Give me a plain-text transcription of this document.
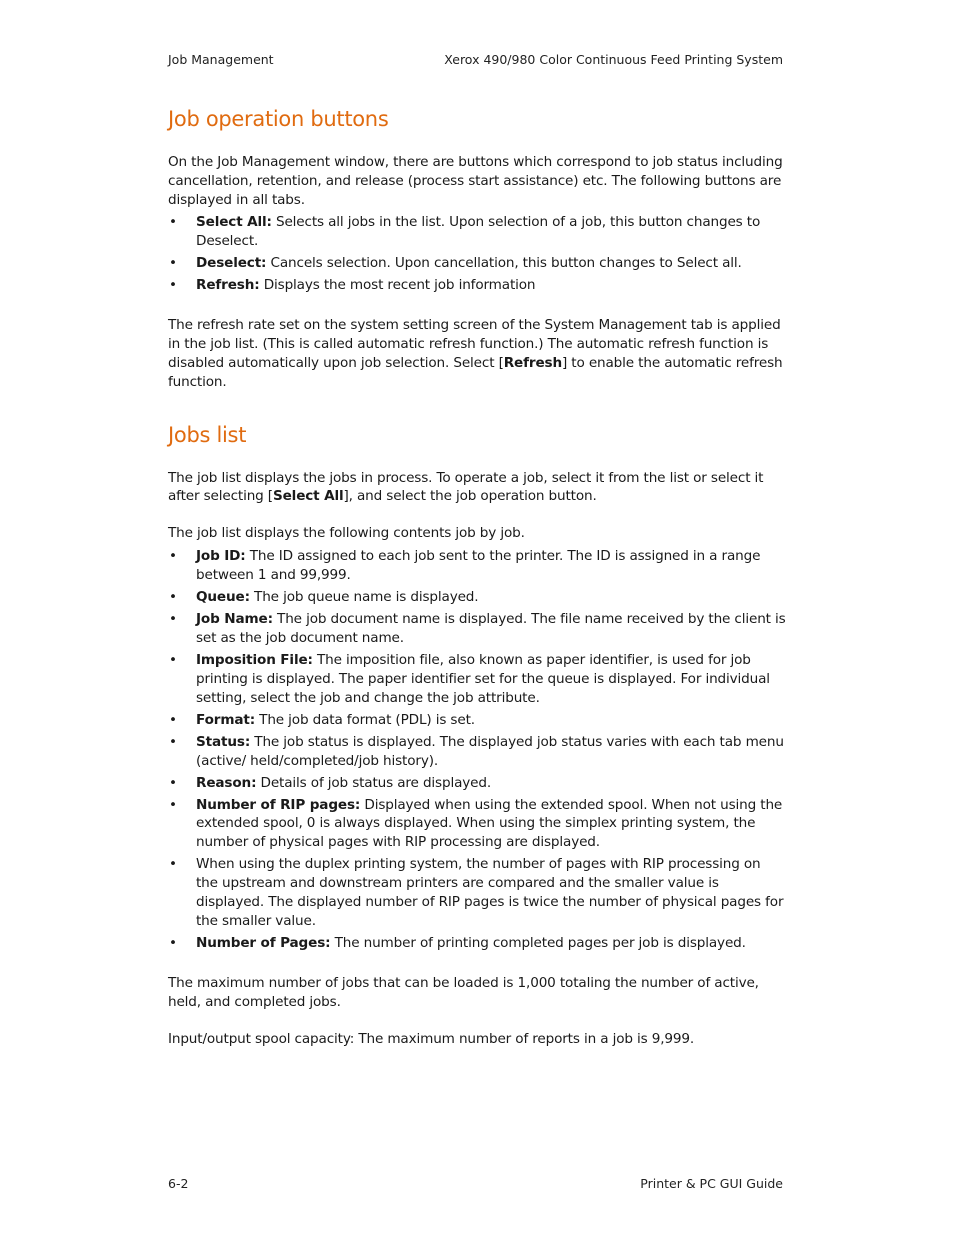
Job Management	Xerox 490/980 Color Continuous Feed Printing System
Job operation buttons

On the Job Management window, there are buttons which correspond to job status including cancellation, retention, and release (process start assistance) etc. The following buttons are displayed in all tabs.

• Select All: Selects all jobs in the list. Upon selection of a job, this button changes to Deselect.
• Deselect: Cancels selection. Upon cancellation, this button changes to Select all.
• Refresh: Displays the most recent job information

The refresh rate set on the system setting screen of the System Management tab is applied in the job list. (This is called automatic refresh function.) The automatic refresh function is disabled automatically upon job selection. Select [Refresh] to enable the automatic refresh function.

Jobs list

The job list displays the jobs in process. To operate a job, select it from the list or select it after selecting [Select All], and select the job operation button.

The job list displays the following contents job by job.

• Job ID: The ID assigned to each job sent to the printer. The ID is assigned in a range between 1 and 99,999.
• Queue: The job queue name is displayed.
• Job Name: The job document name is displayed. The file name received by the client is set as the job document name.
• Imposition File: The imposition file, also known as paper identifier, is used for job printing is displayed. The paper identifier set for the queue is displayed. For individual setting, select the job and change the job attribute.
• Format: The job data format (PDL) is set.
• Status: The job status is displayed. The displayed job status varies with each tab menu (active/ held/completed/job history).
• Reason: Details of job status are displayed.
• Number of RIP pages: Displayed when using the extended spool. When not using the extended spool, 0 is always displayed. When using the simplex printing system, the number of physical pages with RIP processing are displayed.
• When using the duplex printing system, the number of pages with RIP processing on the upstream and downstream printers are compared and the smaller value is displayed. The displayed number of RIP pages is twice the number of physical pages for the smaller value.
• Number of Pages: The number of printing completed pages per job is displayed.

The maximum number of jobs that can be loaded is 1,000 totaling the number of active, held, and completed jobs.

Input/output spool capacity: The maximum number of reports in a job is 9,999.

6-2	Printer & PC GUI Guide
